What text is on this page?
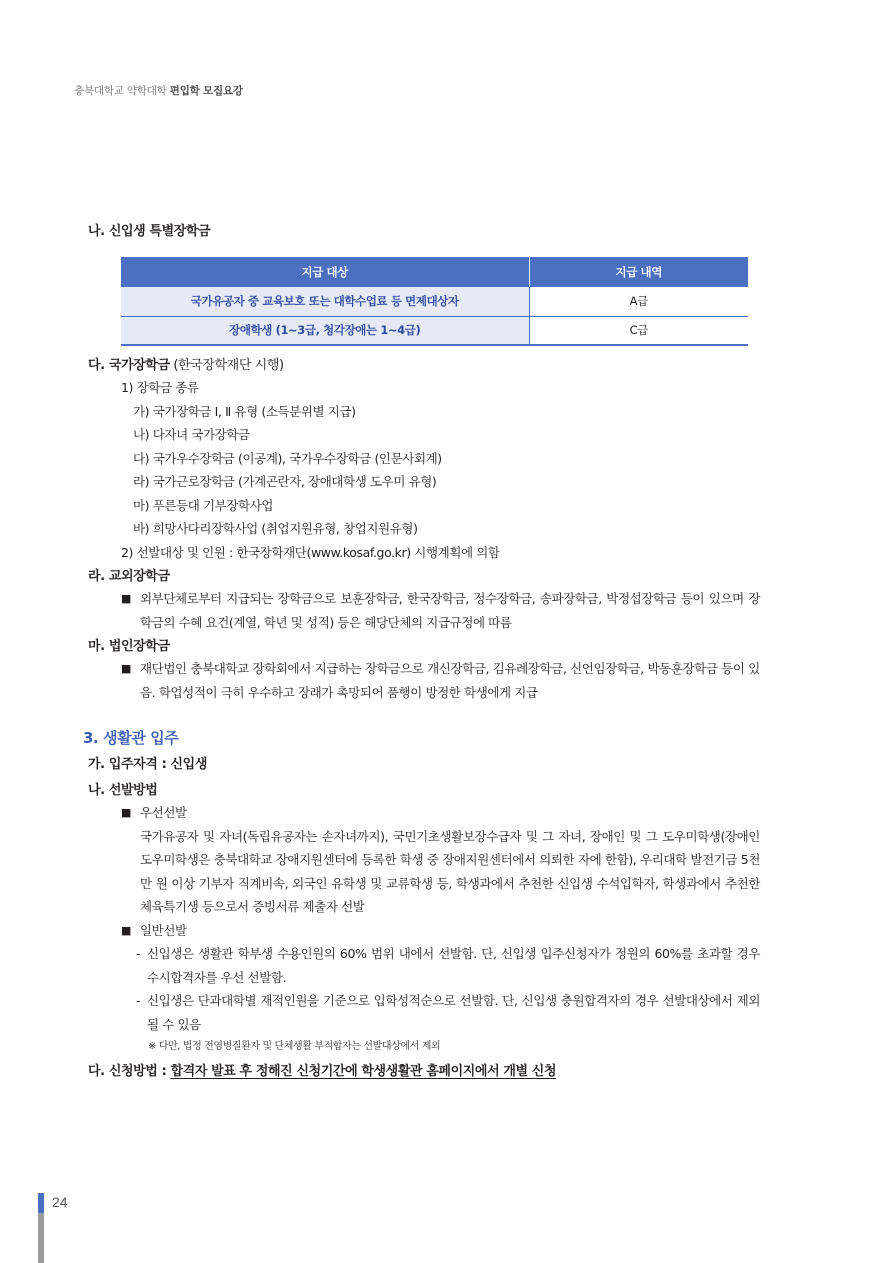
충북대학교 약학대학 편입학 모집요강
나. 신입생 특별장학금
지급 대상	지급 내역
국가유공자 중 교육보호 또는 대학수업료 등 면제대상자	A급
장애학생 (1~3급, 청각장애는 1~4급)	C급
다. 국가장학금 (한국장학재단 시행)
1) 장학금 종류
가) 국가장학금 Ⅰ, Ⅱ 유형 (소득분위별 지급)
나) 다자녀 국가장학금
다) 국가우수장학금 (이공계), 국가우수장학금 (인문사회계)
라) 국가근로장학금 (가계곤란자, 장애대학생 도우미 유형)
마) 푸른등대 기부장학사업
바) 희망사다리장학사업 (취업지원유형, 창업지원유형)
2) 선발대상 및 인원 : 한국장학재단(www.kosaf.go.kr) 시행계획에 의함
라. 교외장학금
■ 외부단체로부터 지급되는 장학금으로 보훈장학금, 한국장학금, 정수장학금, 송파장학금, 박정섭장학금 등이 있으며 장학금의 수혜 요건(계열, 학년 및 성적) 등은 해당단체의 지급규정에 따름
마. 법인장학금
■ 재단법인 충북대학교 장학회에서 지급하는 장학금으로 개신장학금, 김유례장학금, 신언임장학금, 박동훈장학금 등이 있음. 학업성적이 극히 우수하고 장래가 촉망되어 품행이 방정한 학생에게 지급
3. 생활관 입주
가. 입주자격 : 신입생
나. 선발방법
■ 우선선발
국가유공자 및 자녀(독립유공자는 손자녀까지), 국민기초생활보장수급자 및 그 자녀, 장애인 및 그 도우미학생(장애인 도우미학생은 충북대학교 장애지원센터에 등록한 학생 중 장애지원센터에서 의뢰한 자에 한함), 우리대학 발전기금 5천만 원 이상 기부자 직계비속, 외국인 유학생 및 교류학생 등, 학생과에서 추천한 신입생 수석입학자, 학생과에서 추천한 체육특기생 등으로서 증빙서류 제출자 선발
■ 일반선발
- 신입생은 생활관 학부생 수용인원의 60% 범위 내에서 선발함. 단, 신입생 입주신청자가 정원의 60%를 초과할 경우 수시합격자를 우선 선발함.
- 신입생은 단과대학별 재적인원을 기준으로 입학성적순으로 선발함. 단, 신입생 충원합격자의 경우 선발대상에서 제외될 수 있음
※ 다만, 법정 전염병질환자 및 단체생활 부적합자는 선발대상에서 제외
다. 신청방법 : 합격자 발표 후 정해진 신청기간에 학생생활관 홈페이지에서 개별 신청
24
